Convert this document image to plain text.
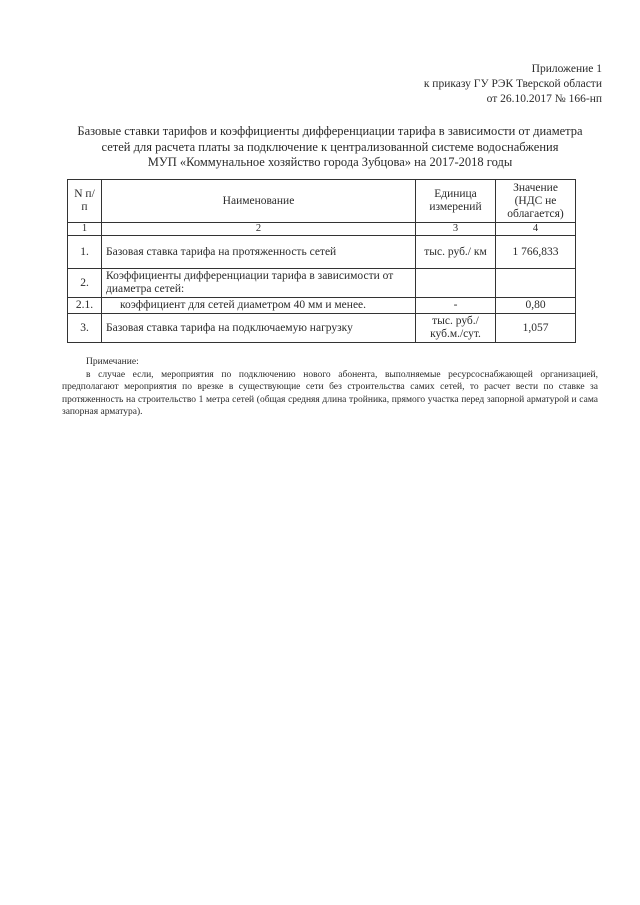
Приложение 1
к приказу ГУ РЭК Тверской области
от 26.10.2017 № 166-нп
Базовые ставки тарифов и коэффициенты дифференциации тарифа в зависимости от диаметра
сетей для расчета платы за подключение к централизованной системе водоснабжения
МУП «Коммунальное хозяйство города Зубцова» на 2017-2018 годы
N п/п	Наименование	Единица измерений	Значение (НДС не облагается)
1	2	3	4
1.	Базовая ставка тарифа на протяженность сетей	тыс. руб./ км	1 766,833
2.	Коэффициенты дифференциации тарифа в зависимости от диаметра сетей:		
2.1.	коэффициент для сетей диаметром 40 мм и менее.	-	0,80
3.	Базовая ставка тарифа на подключаемую нагрузку	тыс. руб./ куб.м./сут.	1,057
Примечание:
в случае если, мероприятия по подключению нового абонента, выполняемые ресурсоснабжающей организацией, предполагают мероприятия по врезке в существующие сети без строительства самих сетей, то расчет вести по ставке за протяженность на строительство 1 метра сетей (общая средняя длина тройника, прямого участка перед запорной арматурой и сама запорная арматура).
